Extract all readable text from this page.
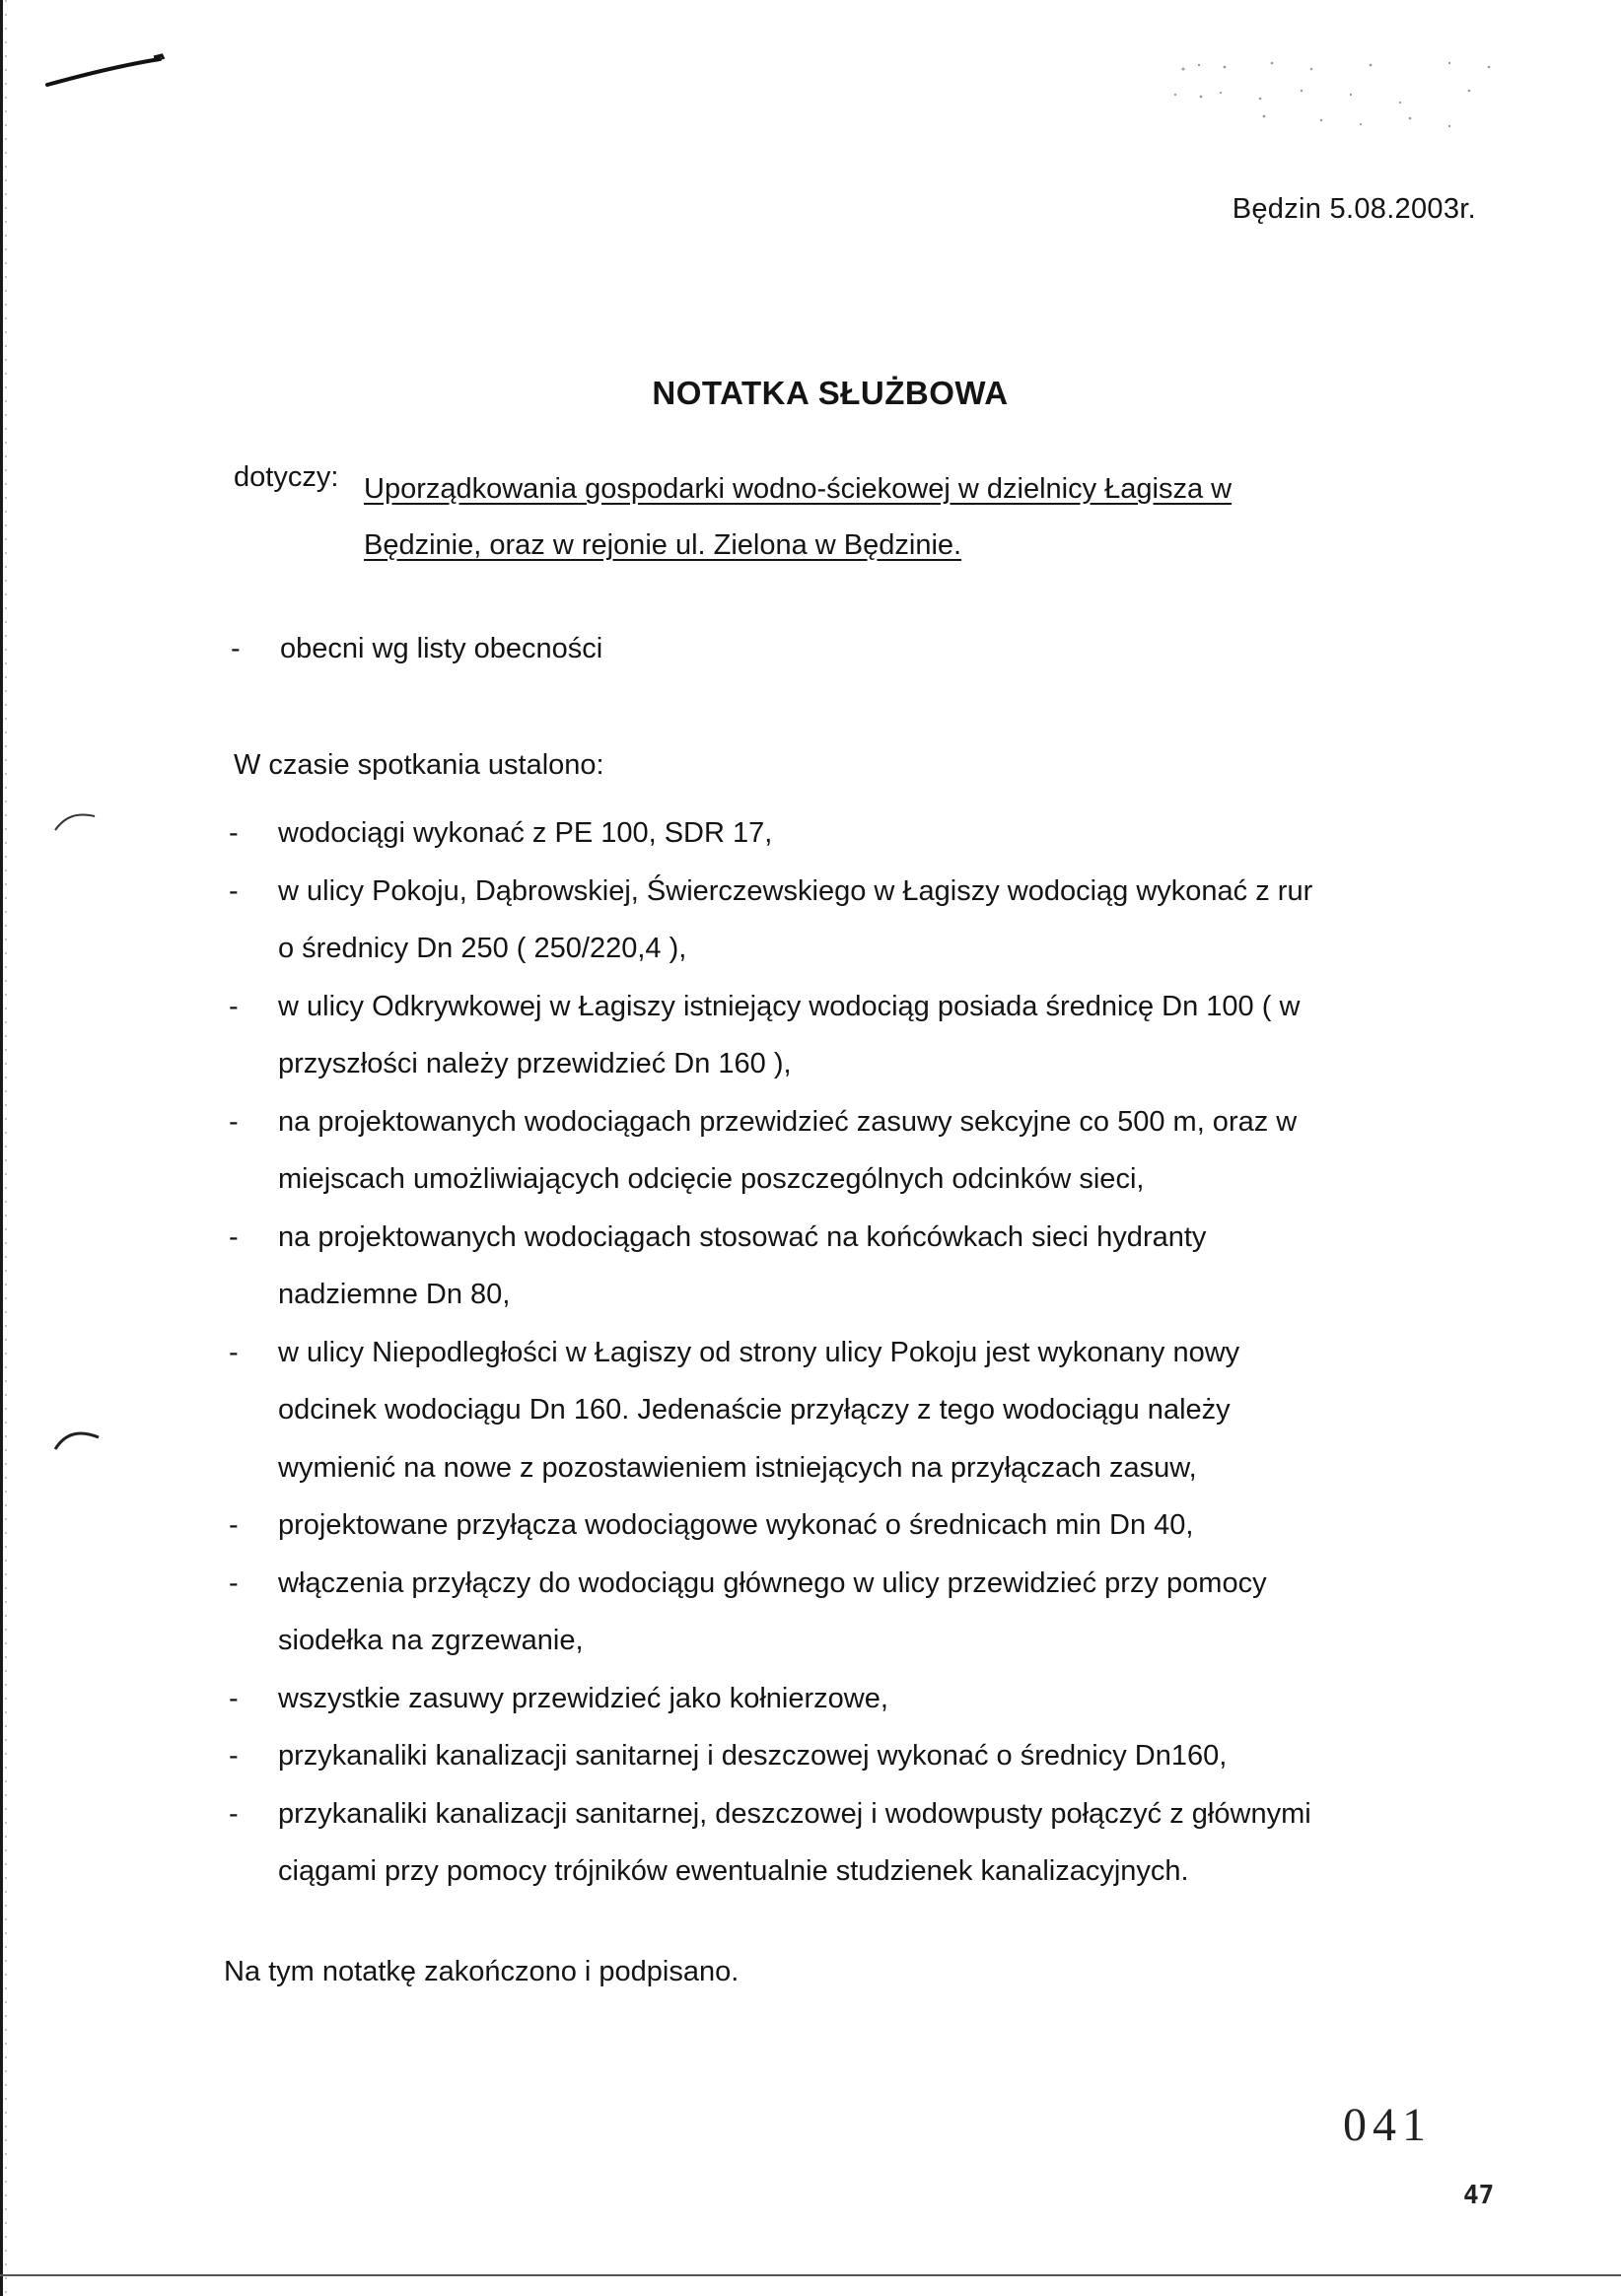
Będzin 5.08.2003r.
NOTATKA SŁUŻBOWA
dotyczy: Uporządkowania gospodarki wodno-ściekowej w dzielnicy Łagisza w
Będzinie, oraz w rejonie ul. Zielona w Będzinie.
-	obecni wg listy obecności
W czasie spotkania ustalono:
-	wodociągi wykonać z PE 100, SDR 17,
-	w ulicy Pokoju, Dąbrowskiej, Świerczewskiego w Łagiszy wodociąg wykonać z rur
o średnicy Dn 250 ( 250/220,4 ),
-	w ulicy Odkrywkowej w Łagiszy istniejący wodociąg posiada średnicę Dn 100 ( w
przyszłości należy przewidzieć Dn 160 ),
-	na projektowanych wodociągach przewidzieć zasuwy sekcyjne co 500 m, oraz w
miejscach umożliwiających odcięcie poszczególnych odcinków sieci,
-	na projektowanych wodociągach stosować na końcówkach sieci hydranty
nadziemne Dn 80,
-	w ulicy Niepodległości w Łagiszy od strony ulicy Pokoju jest wykonany nowy
odcinek wodociągu Dn 160. Jedenaście przyłączy z tego wodociągu należy
wymienić na nowe z pozostawieniem istniejących na przyłączach zasuw,
-	projektowane przyłącza wodociągowe wykonać o średnicach min Dn 40,
-	włączenia przyłączy do wodociągu głównego w ulicy przewidzieć przy pomocy
siodełka na zgrzewanie,
-	wszystkie zasuwy przewidzieć jako kołnierzowe,
-	przykanaliki kanalizacji sanitarnej i deszczowej wykonać o średnicy Dn160,
-	przykanaliki kanalizacji sanitarnej, deszczowej i wodowpusty połączyć z głównymi
ciągami przy pomocy trójników ewentualnie studzienek kanalizacyjnych.
Na tym notatkę zakończono i podpisano.
041
47
